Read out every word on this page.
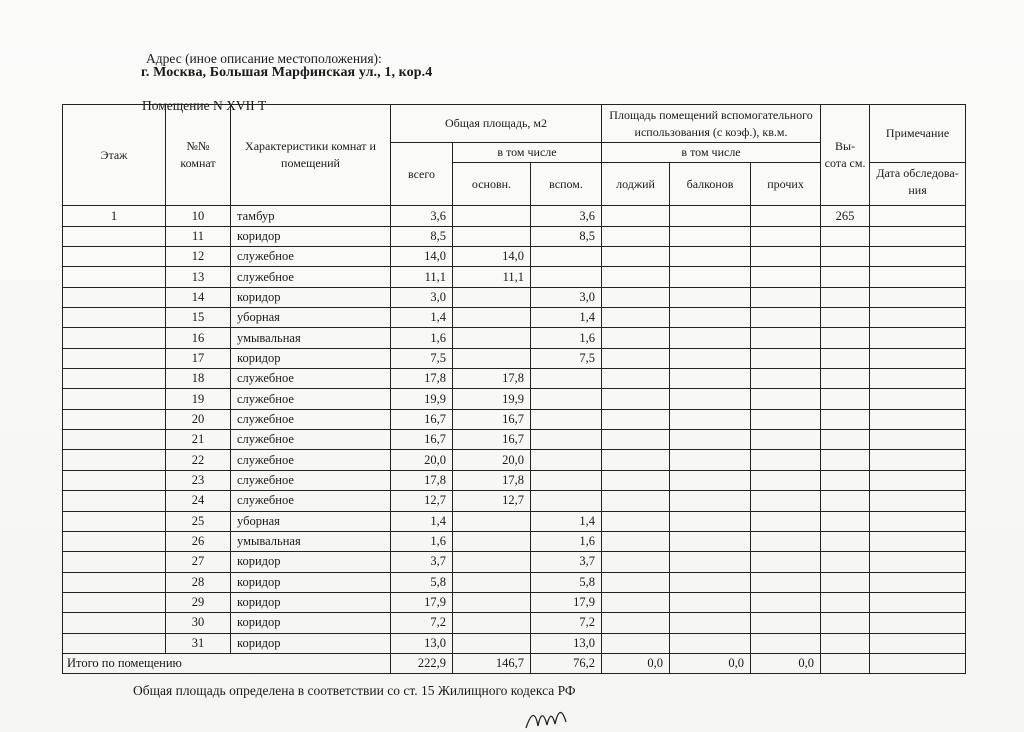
Адрес (иное описание местоположения):
г. Москва, Большая Марфинская ул., 1, кор.4
Помещение N XVII Т
Этаж	№№ комнат	Характеристики комнат и помещений	Общая площадь, м2			Площадь помещений вспомогательного использования (с коэф.), кв.м.			Вы- сота см.	Примечание
			всего	в том числе		в том числе				
				основн.	вспом.	лоджий	балконов	прочих		Дата обследова- ния
1	10	тамбур	3,6		3,6				265	
	11	коридор	8,5		8,5					
	12	служебное	14,0	14,0						
	13	служебное	11,1	11,1						
	14	коридор	3,0		3,0					
	15	уборная	1,4		1,4					
	16	умывальная	1,6		1,6					
	17	коридор	7,5		7,5					
	18	служебное	17,8	17,8						
	19	служебное	19,9	19,9						
	20	служебное	16,7	16,7						
	21	служебное	16,7	16,7						
	22	служебное	20,0	20,0						
	23	служебное	17,8	17,8						
	24	служебное	12,7	12,7						
	25	уборная	1,4		1,4					
	26	умывальная	1,6		1,6					
	27	коридор	3,7		3,7					
	28	коридор	5,8		5,8					
	29	коридор	17,9		17,9					
	30	коридор	7,2		7,2					
	31	коридор	13,0		13,0					
Итого по помещению			222,9	146,7	76,2	0,0	0,0	0,0		
Общая площадь определена в соответствии со ст. 15 Жилищного кодекса РФ
